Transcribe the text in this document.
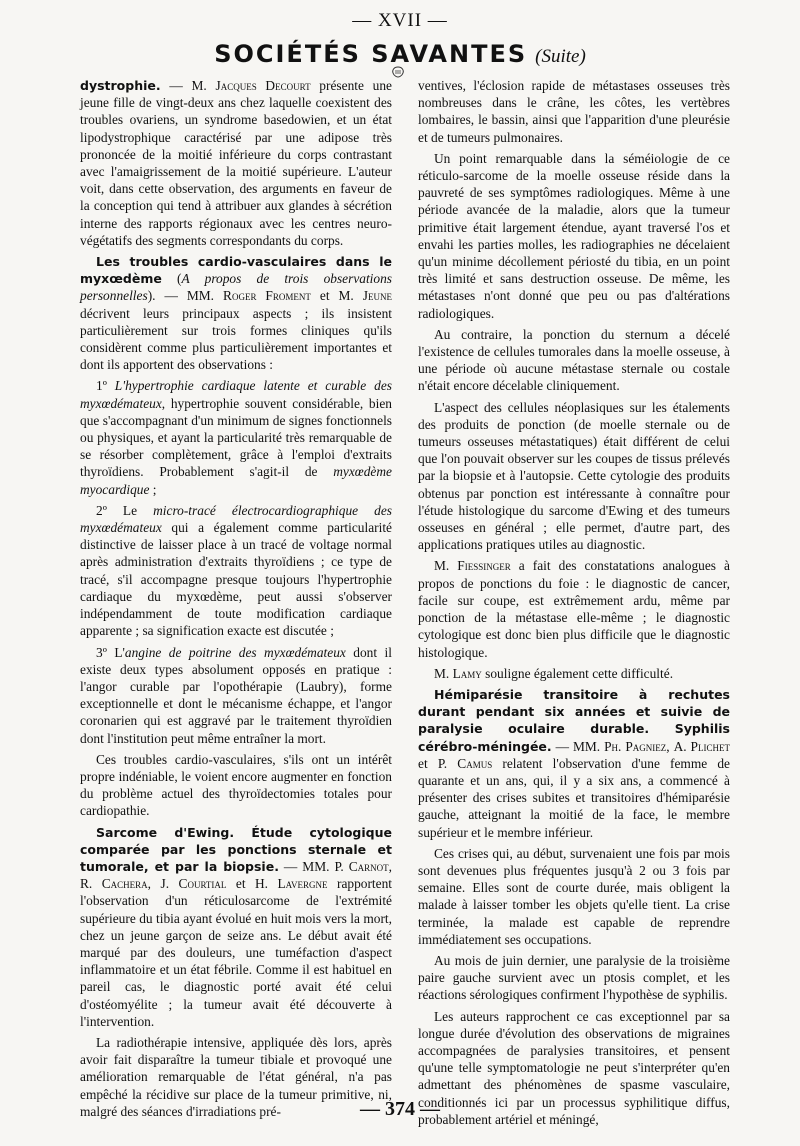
— XVII —
SOCIÉTÉS SAVANTES (Suite)

dystrophie. — M. Jacques Decourt présente une jeune fille de vingt-deux ans chez laquelle coexistent des troubles ovariens, un syndrome basedowien, et un état lipodystrophique caractérisé par une adipose très prononcée de la moitié inférieure du corps contrastant avec l'amaigrissement de la moitié supérieure. L'auteur voit, dans cette observation, des arguments en faveur de la conception qui tend à attribuer aux glandes à sécrétion interne des rapports régionaux avec les centres neuro-végétatifs des segments correspondants du corps.

Les troubles cardio-vasculaires dans le myxœdème (A propos de trois observations personnelles). — MM. Roger Froment et M. Jeune décrivent leurs principaux aspects ; ils insistent particulièrement sur trois formes cliniques qu'ils considèrent comme plus particulièrement importantes et dont ils apportent des observations :

1º L'hypertrophie cardiaque latente et curable des myxœdémateux, hypertrophie souvent considérable, bien que s'accompagnant d'un minimum de signes fonctionnels ou physiques, et ayant la particularité très remarquable de se résorber complètement, grâce à l'emploi d'extraits thyroïdiens. Probablement s'agit-il de myxœdème myocardique ;

2º Le micro-tracé électrocardiographique des myxœdémateux qui a également comme particularité distinctive de laisser place à un tracé de voltage normal après administration d'extraits thyroïdiens ; ce type de tracé, s'il accompagne presque toujours l'hypertrophie cardiaque du myxœdème, peut aussi s'observer indépendamment de toute modification cardiaque apparente ; sa signification exacte est discutée ;

3º L'angine de poitrine des myxœdémateux dont il existe deux types absolument opposés en pratique : l'angor curable par l'opothérapie (Laubry), forme exceptionnelle et dont le mécanisme échappe, et l'angor coronarien qui est aggravé par le traitement thyroïdien dont l'institution peut même entraîner la mort.

Ces troubles cardio-vasculaires, s'ils ont un intérêt propre indéniable, le voient encore augmenter en fonction du problème actuel des thyroïdectomies totales pour cardiopathie.

Sarcome d'Ewing. Étude cytologique comparée par les ponctions sternale et tumorale, et par la biopsie. — MM. P. Carnot, R. Cachera, J. Courtial et H. Lavergne rapportent l'observation d'un réticulosarcome de l'extrémité supérieure du tibia ayant évolué en huit mois vers la mort, chez un jeune garçon de seize ans. Le début avait été marqué par des douleurs, une tuméfaction d'aspect inflammatoire et un état fébrile. Comme il est habituel en pareil cas, le diagnostic porté avait été celui d'ostéomyélite ; la tumeur avait été découverte à l'intervention.

La radiothérapie intensive, appliquée dès lors, après avoir fait disparaître la tumeur tibiale et provoqué une amélioration remarquable de l'état général, n'a pas empêché la récidive sur place de la tumeur primitive, ni, malgré des séances d'irradiations pré-

ventives, l'éclosion rapide de métastases osseuses très nombreuses dans le crâne, les côtes, les vertèbres lombaires, le bassin, ainsi que l'apparition d'une pleurésie et de tumeurs pulmonaires.

Un point remarquable dans la séméiologie de ce réticulo-sarcome de la moelle osseuse réside dans la pauvreté de ses symptômes radiologiques. Même à une période avancée de la maladie, alors que la tumeur primitive était largement étendue, ayant traversé l'os et envahi les parties molles, les radiographies ne décelaient qu'un minime décollement périosté du tibia, en un point très limité et sans destruction osseuse. De même, les métastases n'ont donné que peu ou pas d'altérations radiologiques.

Au contraire, la ponction du sternum a décelé l'existence de cellules tumorales dans la moelle osseuse, à une période où aucune métastase sternale ou costale n'était encore décelable cliniquement.

L'aspect des cellules néoplasiques sur les étalements des produits de ponction (de moelle sternale ou de tumeurs osseuses métastatiques) était différent de celui que l'on pouvait observer sur les coupes de tissus prélevés par la biopsie et à l'autopsie. Cette cytologie des produits obtenus par ponction est intéressante à connaître pour l'étude histologique du sarcome d'Ewing et des tumeurs osseuses en général ; elle permet, d'autre part, des applications pratiques utiles au diagnostic.

M. Fiessinger a fait des constatations analogues à propos de ponctions du foie : le diagnostic de cancer, facile sur coupe, est extrêmement ardu, même par ponction de la métastase elle-même ; le diagnostic cytologique est donc bien plus difficile que le diagnostic histologique.

M. Lamy souligne également cette difficulté.

Hémiparésie transitoire à rechutes durant pendant six années et suivie de paralysie oculaire durable. Syphilis cérébro-méningée. — MM. Ph. Pagniez, A. Plichet et P. Camus relatent l'observation d'une femme de quarante et un ans, qui, il y a six ans, a commencé à présenter des crises subites et transitoires d'hémiparésie gauche, atteignant la moitié de la face, le membre supérieur et le membre inférieur.

Ces crises qui, au début, survenaient une fois par mois sont devenues plus fréquentes jusqu'à 2 ou 3 fois par semaine. Elles sont de courte durée, mais obligent la malade à laisser tomber les objets qu'elle tient. La crise terminée, la malade est capable de reprendre immédiatement ses occupations.

Au mois de juin dernier, une paralysie de la troisième paire gauche survient avec un ptosis complet, et les réactions sérologiques confirment l'hypothèse de syphilis.

Les auteurs rapprochent ce cas exceptionnel par sa longue durée d'évolution des observations de migraines accompagnées de paralysies transitoires, et pensent qu'une telle symptomatologie ne peut s'interpréter qu'en admettant des phénomènes de spasme vasculaire, conditionnés ici par un processus syphilitique diffus, probablement artériel et méningé,

— 374 —
